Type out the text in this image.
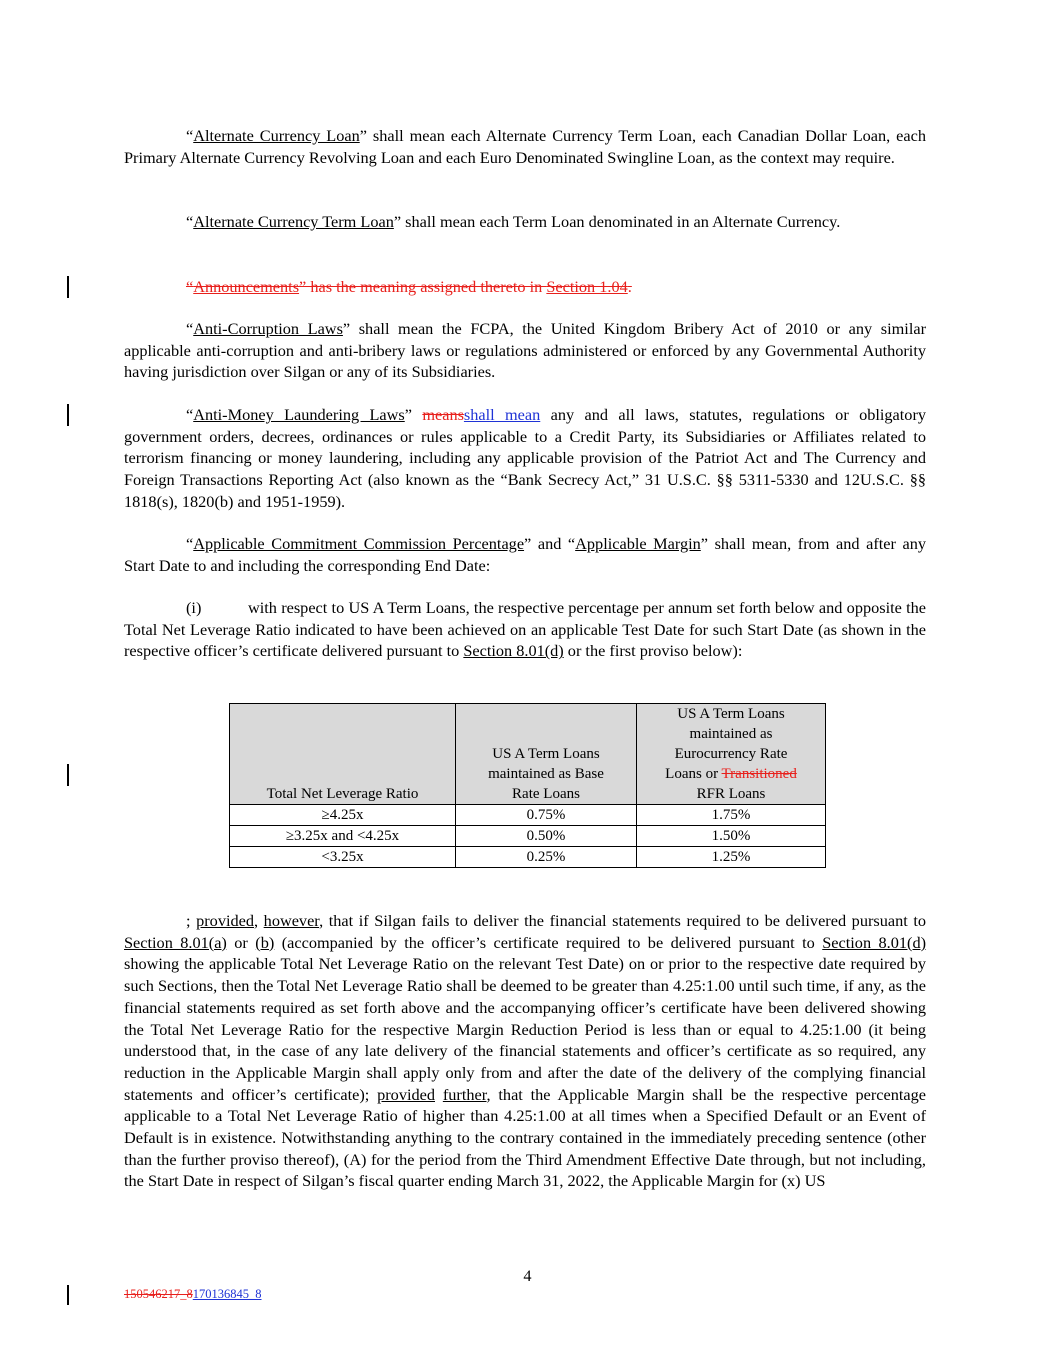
“Alternate Currency Loan” shall mean each Alternate Currency Term Loan, each Canadian Dollar Loan, each Primary Alternate Currency Revolving Loan and each Euro Denominated Swingline Loan, as the context may require.

“Alternate Currency Term Loan” shall mean each Term Loan denominated in an Alternate Currency.

“Announcements” has the meaning assigned thereto in Section 1.04.

“Anti-Corruption Laws” shall mean the FCPA, the United Kingdom Bribery Act of 2010 or any similar applicable anti-corruption and anti-bribery laws or regulations administered or enforced by any Governmental Authority having jurisdiction over Silgan or any of its Subsidiaries.

“Anti-Money Laundering Laws” meansshall mean any and all laws, statutes, regulations or obligatory government orders, decrees, ordinances or rules applicable to a Credit Party, its Subsidiaries or Affiliates related to terrorism financing or money laundering, including any applicable provision of the Patriot Act and The Currency and Foreign Transactions Reporting Act (also known as the “Bank Secrecy Act,” 31 U.S.C. §§ 5311-5330 and 12U.S.C. §§ 1818(s), 1820(b) and 1951-1959).

“Applicable Commitment Commission Percentage” and “Applicable Margin” shall mean, from and after any Start Date to and including the corresponding End Date:

(i)	with respect to US A Term Loans, the respective percentage per annum set forth below and opposite the Total Net Leverage Ratio indicated to have been achieved on an applicable Test Date for such Start Date (as shown in the respective officer’s certificate delivered pursuant to Section 8.01(d) or the first proviso below):

Total Net Leverage Ratio	US A Term Loans maintained as Base Rate Loans	US A Term Loans maintained as Eurocurrency Rate Loans or Transitioned RFR Loans

≥4.25x	0.75%	1.75%
≥3.25x and <4.25x	0.50%	1.50%
<3.25x	0.25%	1.25%

; provided, however, that if Silgan fails to deliver the financial statements required to be delivered pursuant to Section 8.01(a) or (b) (accompanied by the officer’s certificate required to be delivered pursuant to Section 8.01(d) showing the applicable Total Net Leverage Ratio on the relevant Test Date) on or prior to the respective date required by such Sections, then the Total Net Leverage Ratio shall be deemed to be greater than 4.25:1.00 until such time, if any, as the financial statements required as set forth above and the accompanying officer’s certificate have been delivered showing the Total Net Leverage Ratio for the respective Margin Reduction Period is less than or equal to 4.25:1.00 (it being understood that, in the case of any late delivery of the financial statements and officer’s certificate as so required, any reduction in the Applicable Margin shall apply only from and after the date of the delivery of the complying financial statements and officer’s certificate); provided further, that the Applicable Margin shall be the respective percentage applicable to a Total Net Leverage Ratio of higher than 4.25:1.00 at all times when a Specified Default or an Event of Default is in existence. Notwithstanding anything to the contrary contained in the immediately preceding sentence (other than the further proviso thereof), (A) for the period from the Third Amendment Effective Date through, but not including, the Start Date in respect of Silgan’s fiscal quarter ending March 31, 2022, the Applicable Margin for (x) US

4
150546217_8170136845_8
